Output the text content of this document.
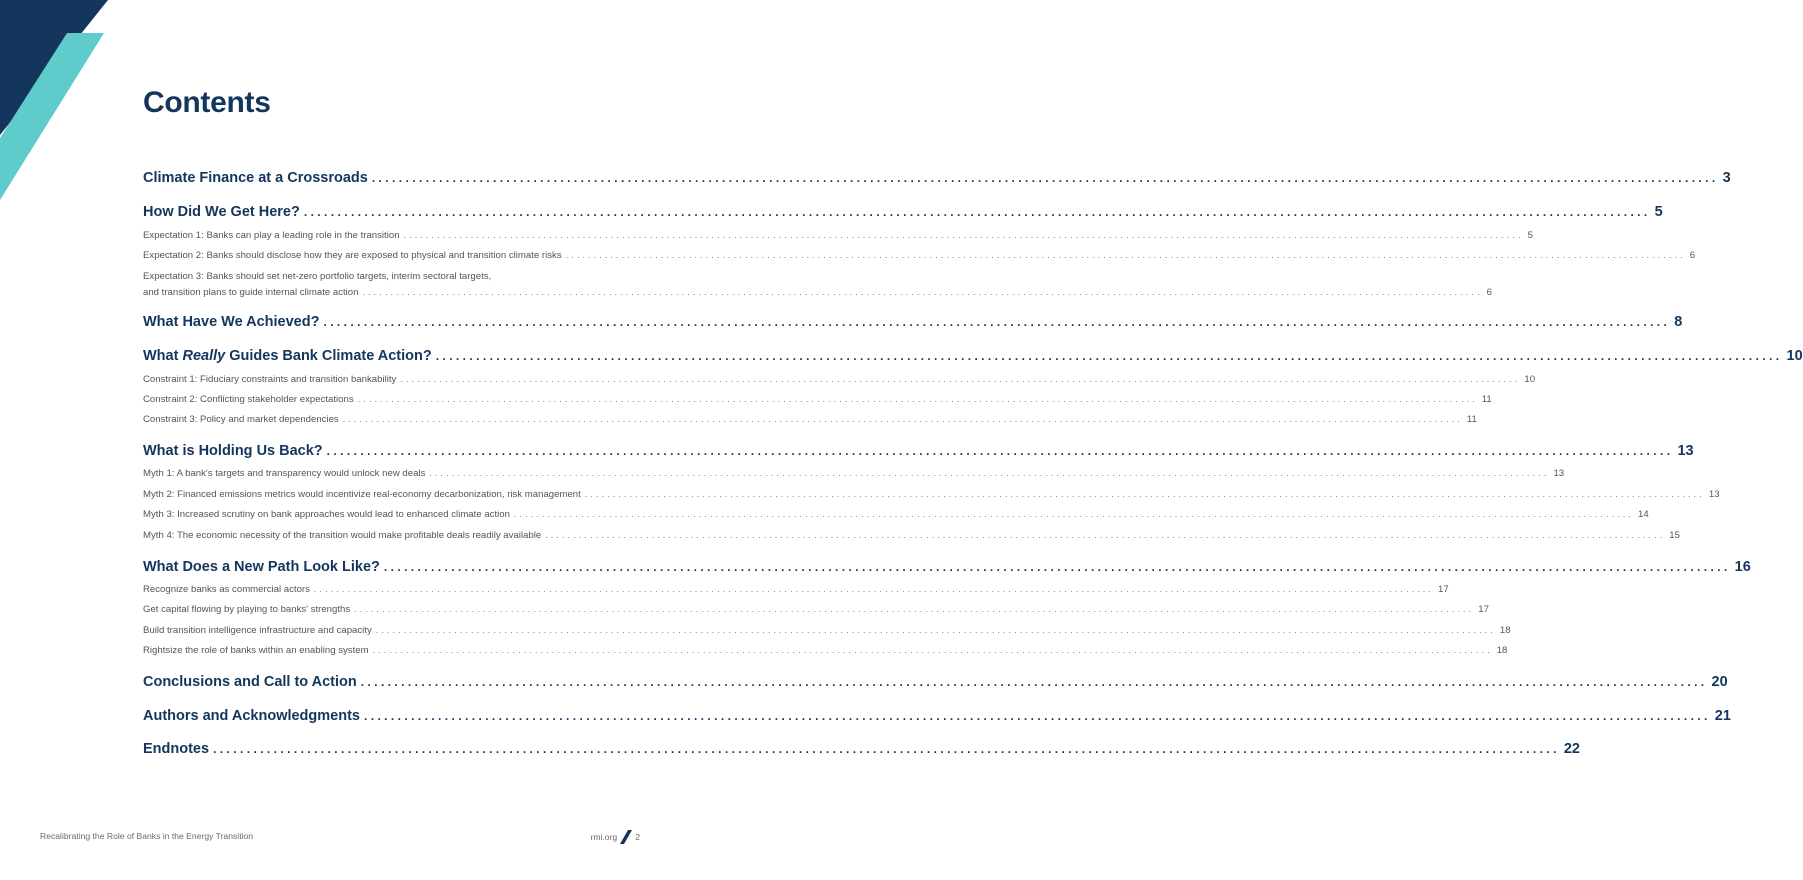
Contents
Climate Finance at a Crossroads ........................................................................................................................................................................................................ 3
How Did We Get Here? ........................................................................................................................................................................................................ 5
Expectation 1: Banks can play a leading role in the transition ........................................................................................................................................................................................................ 5
Expectation 2: Banks should disclose how they are exposed to physical and transition climate risks ........................................................................................................................................................................................................ 6
Expectation 3: Banks should set net-zero portfolio targets, interim sectoral targets,
and transition plans to guide internal climate action ........................................................................................................................................................................................................ 6
What Have We Achieved? ........................................................................................................................................................................................................ 8
What Really Guides Bank Climate Action? ........................................................................................................................................................................................................ 10
Constraint 1: Fiduciary constraints and transition bankability ........................................................................................................................................................................................................ 10
Constraint 2: Conflicting stakeholder expectations ........................................................................................................................................................................................................ 11
Constraint 3: Policy and market dependencies ........................................................................................................................................................................................................ 11
What is Holding Us Back? ........................................................................................................................................................................................................ 13
Myth 1: A bank's targets and transparency would unlock new deals ........................................................................................................................................................................................................ 13
Myth 2: Financed emissions metrics would incentivize real-economy decarbonization, risk management ........................................................................................................................................................................................................ 13
Myth 3: Increased scrutiny on bank approaches would lead to enhanced climate action ........................................................................................................................................................................................................ 14
Myth 4: The economic necessity of the transition would make profitable deals readily available ........................................................................................................................................................................................................ 15
What Does a New Path Look Like? ........................................................................................................................................................................................................ 16
Recognize banks as commercial actors ........................................................................................................................................................................................................ 17
Get capital flowing by playing to banks' strengths ........................................................................................................................................................................................................ 17
Build transition intelligence infrastructure and capacity ........................................................................................................................................................................................................ 18
Rightsize the role of banks within an enabling system ........................................................................................................................................................................................................ 18
Conclusions and Call to Action ........................................................................................................................................................................................................ 20
Authors and Acknowledgments ........................................................................................................................................................................................................ 21
Endnotes ........................................................................................................................................................................................................ 22
Recalibrating the Role of Banks in the Energy Transition	rmi.org 2
